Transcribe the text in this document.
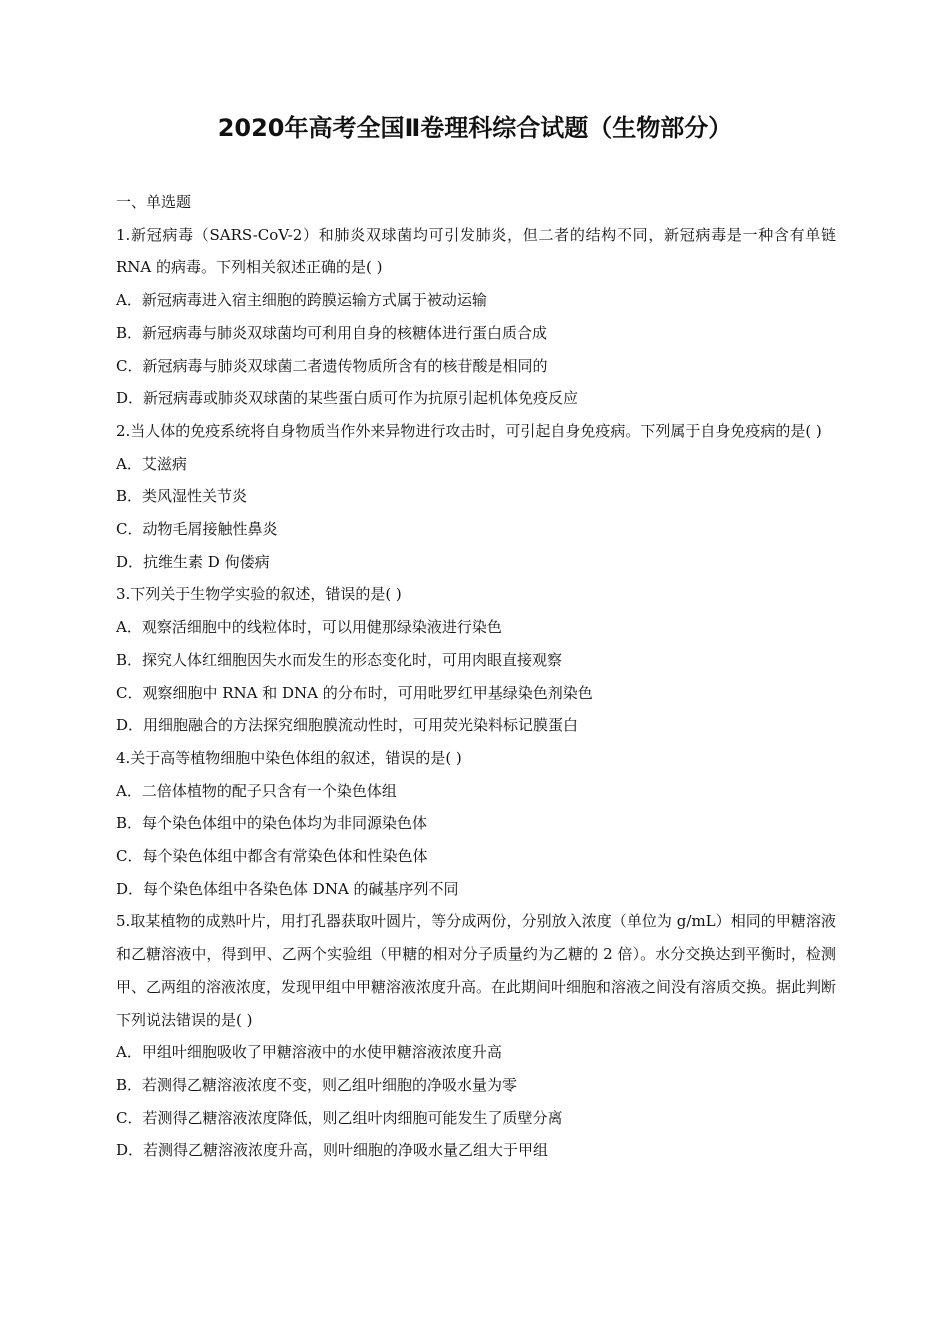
2020年高考全国Ⅱ卷理科综合试题（生物部分）

一、单选题

1.新冠病毒（SARS-CoV-2）和肺炎双球菌均可引发肺炎，但二者的结构不同，新冠病毒是一种含有单链 RNA 的病毒。下列相关叙述正确的是( )

A．新冠病毒进入宿主细胞的跨膜运输方式属于被动运输

B．新冠病毒与肺炎双球菌均可利用自身的核糖体进行蛋白质合成

C．新冠病毒与肺炎双球菌二者遗传物质所含有的核苷酸是相同的

D．新冠病毒或肺炎双球菌的某些蛋白质可作为抗原引起机体免疫反应

2.当人体的免疫系统将自身物质当作外来异物进行攻击时，可引起自身免疫病。下列属于自身免疫病的是( )

A．艾滋病

B．类风湿性关节炎

C．动物毛屑接触性鼻炎

D．抗维生素 D 佝偻病

3.下列关于生物学实验的叙述，错误的是( )

A．观察活细胞中的线粒体时，可以用健那绿染液进行染色

B．探究人体红细胞因失水而发生的形态变化时，可用肉眼直接观察

C．观察细胞中 RNA 和 DNA 的分布时，可用吡罗红甲基绿染色剂染色

D．用细胞融合的方法探究细胞膜流动性时，可用荧光染料标记膜蛋白

4.关于高等植物细胞中染色体组的叙述，错误的是( )

A．二倍体植物的配子只含有一个染色体组

B．每个染色体组中的染色体均为非同源染色体

C．每个染色体组中都含有常染色体和性染色体

D．每个染色体组中各染色体 DNA 的碱基序列不同

5.取某植物的成熟叶片，用打孔器获取叶圆片，等分成两份，分别放入浓度（单位为 g/mL）相同的甲糖溶液和乙糖溶液中，得到甲、乙两个实验组（甲糖的相对分子质量约为乙糖的 2 倍）。水分交换达到平衡时，检测甲、乙两组的溶液浓度，发现甲组中甲糖溶液浓度升高。在此期间叶细胞和溶液之间没有溶质交换。据此判断下列说法错误的是( )

A．甲组叶细胞吸收了甲糖溶液中的水使甲糖溶液浓度升高

B．若测得乙糖溶液浓度不变，则乙组叶细胞的净吸水量为零

C．若测得乙糖溶液浓度降低，则乙组叶肉细胞可能发生了质壁分离

D．若测得乙糖溶液浓度升高，则叶细胞的净吸水量乙组大于甲组
